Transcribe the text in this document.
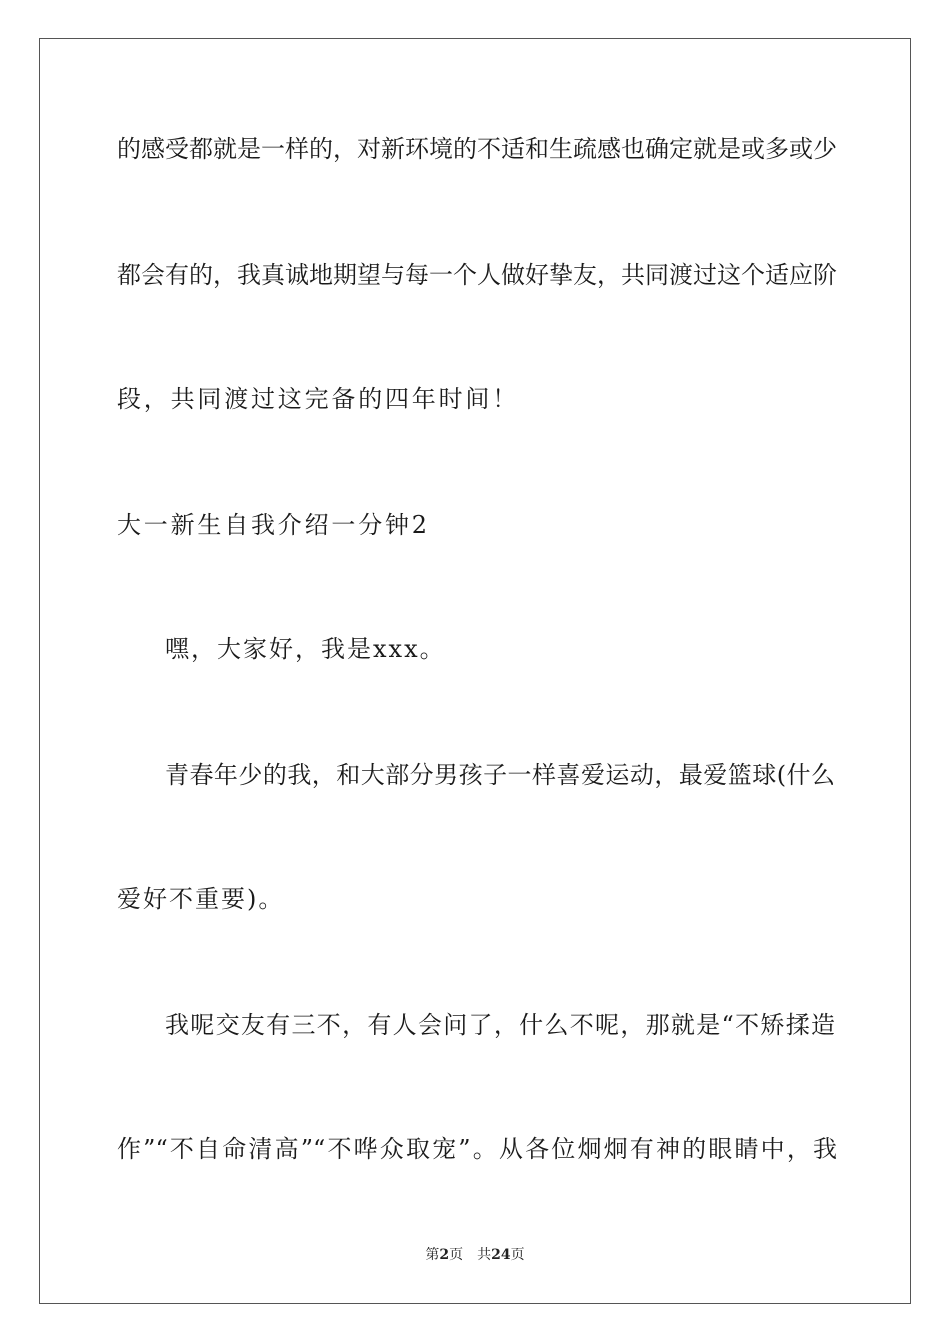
的感受都就是一样的，对新环境的不适和生疏感也确定就是或多或少
都会有的，我真诚地期望与每一个人做好挚友，共同渡过这个适应阶
段，共同渡过这完备的四年时间！
大一新生自我介绍一分钟2
嘿，大家好，我是xxx。
青春年少的我，和大部分男孩子一样喜爱运动，最爱篮球(什么
爱好不重要)。
我呢交友有三不，有人会问了，什么不呢，那就是“不矫揉造
作”“不自命清高”“不哗众取宠”。从各位炯炯有神的眼睛中，我
第2页 共24页
